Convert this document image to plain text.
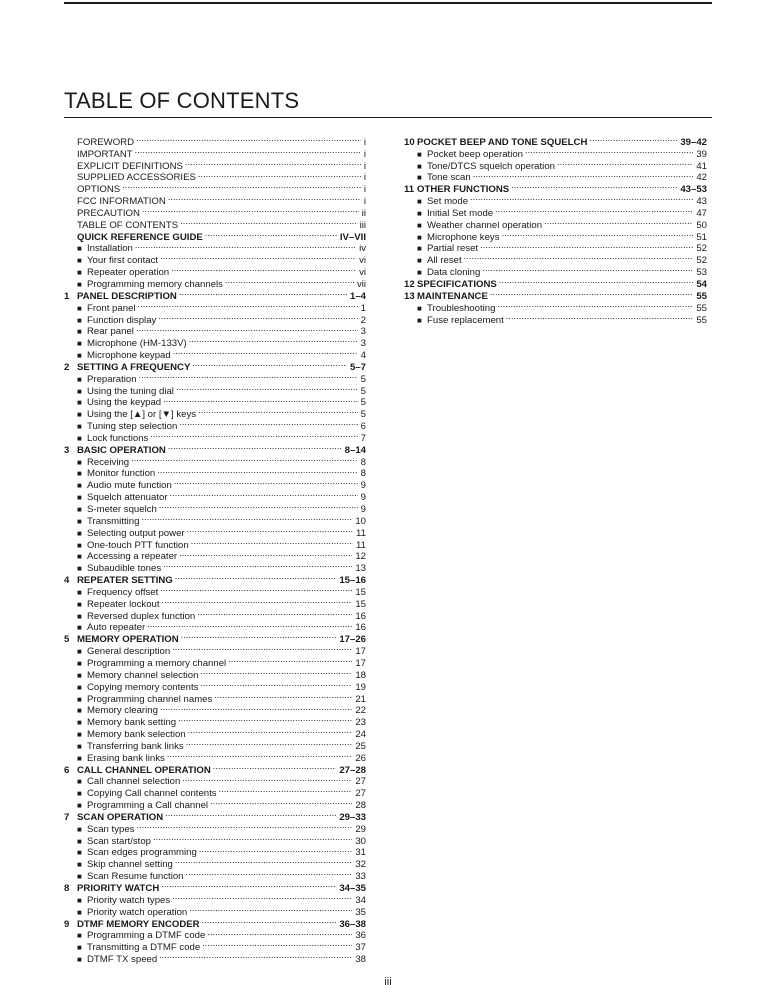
TABLE OF CONTENTS
FOREWORD . . .	i
IMPORTANT . . .	i
EXPLICIT DEFINITIONS . . .	i
SUPPLIED ACCESSORIES . . .	i
OPTIONS . . .	i
FCC INFORMATION . . .	i
PRECAUTION . . .	ii
TABLE OF CONTENTS . . .	iii
QUICK REFERENCE GUIDE . . .	IV–VII
■ Installation . . .	iv
■ Your first contact . . .	vi
■ Repeater operation . . .	vi
■ Programming memory channels . . .	vii
1 PANEL DESCRIPTION . . .	1–4
■ Front panel . . .	1
■ Function display . . .	2
■ Rear panel . . .	3
■ Microphone (HM-133V) . . .	3
■ Microphone keypad . . .	4
2 SETTING A FREQUENCY . . .	5–7
■ Preparation . . .	5
■ Using the tuning dial . . .	5
■ Using the keypad . . .	5
■ Using the [▲] or [▼] keys . . .	5
■ Tuning step selection . . .	6
■ Lock functions . . .	7
3 BASIC OPERATION . . .	8–14
■ Receiving . . .	8
■ Monitor function . . .	8
■ Audio mute function . . .	9
■ Squelch attenuator . . .	9
■ S-meter squelch . . .	9
■ Transmitting . . .	10
■ Selecting output power . . .	11
■ One-touch PTT function . . .	11
■ Accessing a repeater . . .	12
■ Subaudible tones . . .	13
4 REPEATER SETTING . . .	15–16
■ Frequency offset . . .	15
■ Repeater lockout . . .	15
■ Reversed duplex function . . .	16
■ Auto repeater . . .	16
5 MEMORY OPERATION . . .	17–26
■ General description . . .	17
■ Programming a memory channel . . .	17
■ Memory channel selection . . .	18
■ Copying memory contents . . .	19
■ Programming channel names . . .	21
■ Memory clearing . . .	22
■ Memory bank setting . . .	23
■ Memory bank selection . . .	24
■ Transferring bank links . . .	25
■ Erasing bank links . . .	26
6 CALL CHANNEL OPERATION . . .	27–28
■ Call channel selection . . .	27
■ Copying Call channel contents . . .	27
■ Programming a Call channel . . .	28
7 SCAN OPERATION . . .	29–33
■ Scan types . . .	29
■ Scan start/stop . . .	30
■ Scan edges programming . . .	31
■ Skip channel setting . . .	32
■ Scan Resume function . . .	33
8 PRIORITY WATCH . . .	34–35
■ Priority watch types . . .	34
■ Priority watch operation . . .	35
9 DTMF MEMORY ENCODER . . .	36–38
■ Programming a DTMF code . . .	36
■ Transmitting a DTMF code . . .	37
■ DTMF TX speed . . .	38
10 POCKET BEEP AND TONE SQUELCH . . .	39–42
■ Pocket beep operation . . .	39
■ Tone/DTCS squelch operation . . .	41
■ Tone scan . . .	42
11 OTHER FUNCTIONS . . .	43–53
■ Set mode . . .	43
■ Initial Set mode . . .	47
■ Weather channel operation . . .	50
■ Microphone keys . . .	51
■ Partial reset . . .	52
■ All reset . . .	52
■ Data cloning . . .	53
12 SPECIFICATIONS . . .	54
13 MAINTENANCE . . .	55
■ Troubleshooting . . .	55
■ Fuse replacement . . .	55
iii
